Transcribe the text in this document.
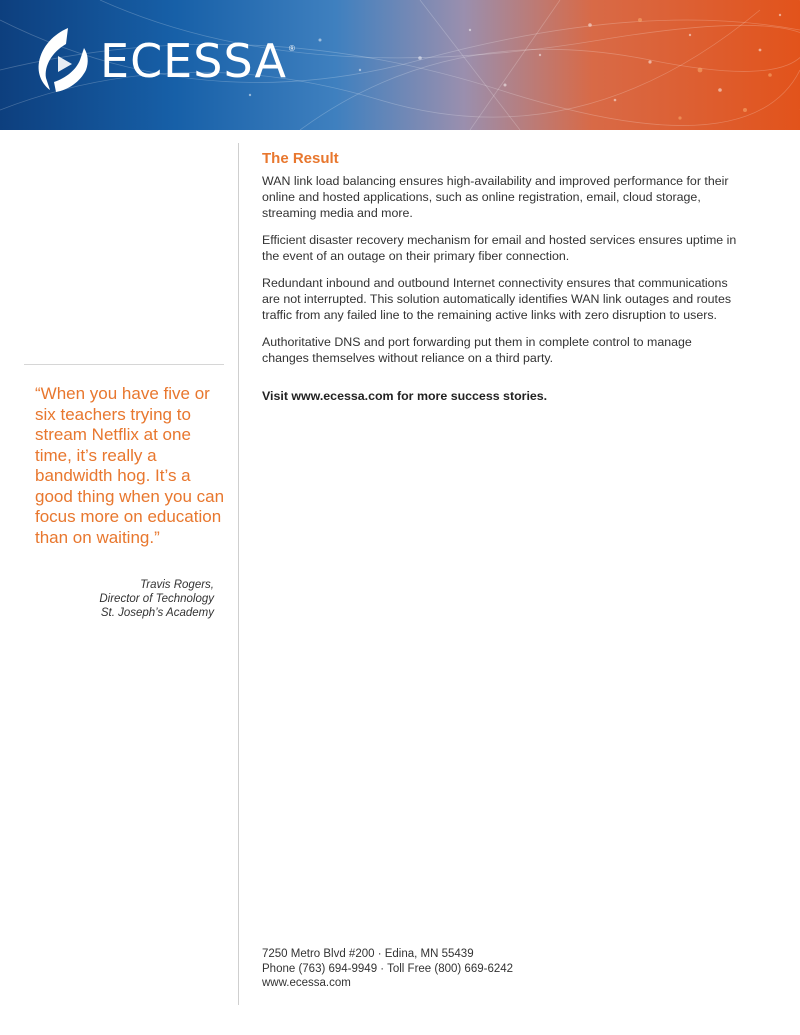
ECESSA ®
“When you have five or six teachers trying to stream Netflix at one time, it’s really a bandwidth hog. It’s a good thing when you can focus more on education than on waiting.”
Travis Rogers,
Director of Technology
St. Joseph’s Academy
The Result

WAN link load balancing ensures high-availability and improved performance for their online and hosted applications, such as online registration, email, cloud storage, streaming media and more.

Efficient disaster recovery mechanism for email and hosted services ensures uptime in the event of an outage on their primary fiber connection.

Redundant inbound and outbound Internet connectivity ensures that communications are not interrupted. This solution automatically identifies WAN link outages and routes traffic from any failed line to the remaining active links with zero disruption to users.

Authoritative DNS and port forwarding put them in complete control to manage changes themselves without reliance on a third party.

Visit www.ecessa.com for more success stories.

7250 Metro Blvd #200 · Edina, MN 55439
Phone (763) 694-9949 · Toll Free (800) 669-6242
www.ecessa.com
